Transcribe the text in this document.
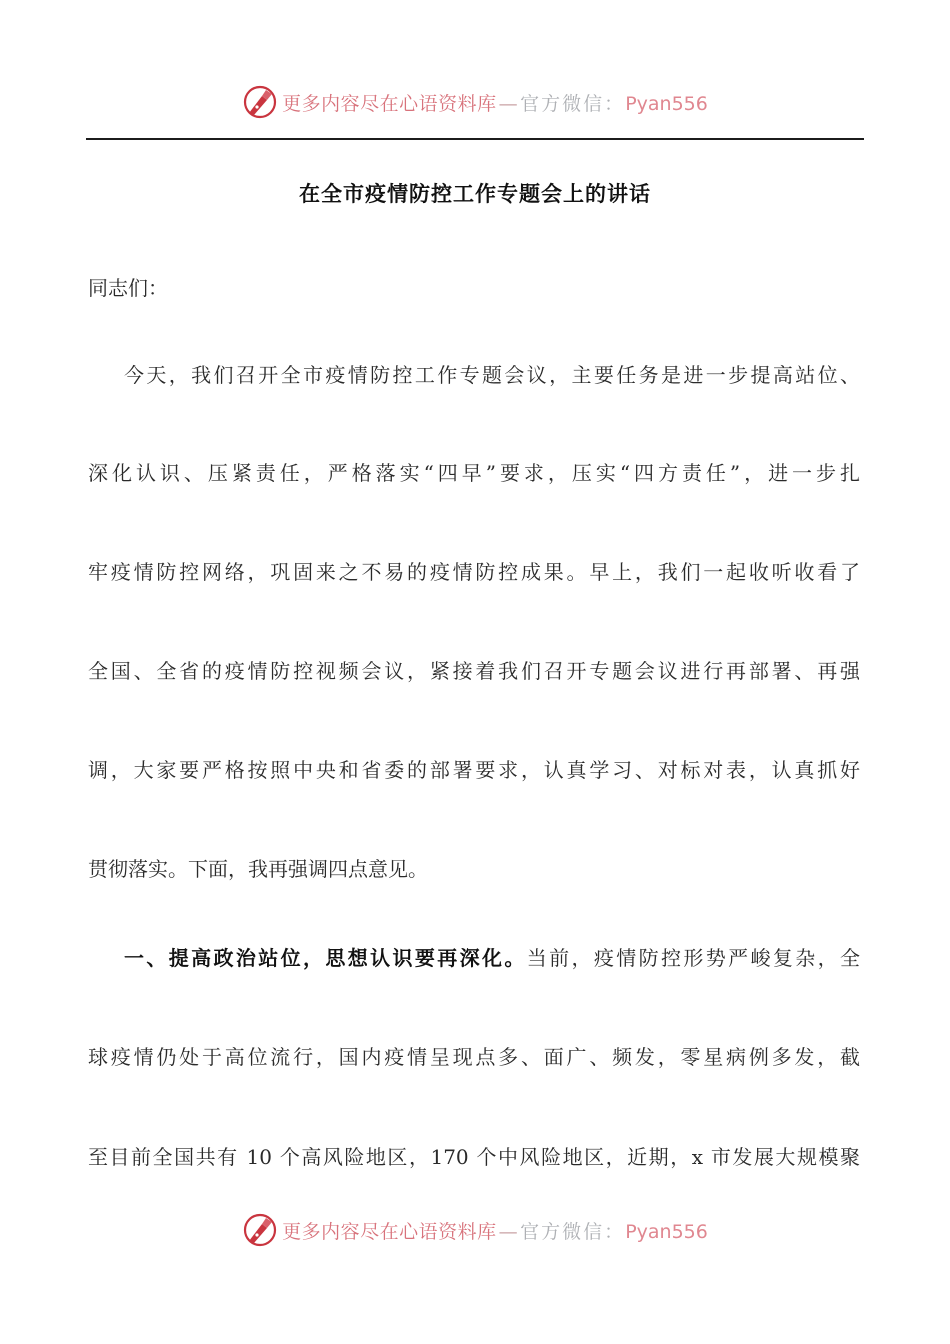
更多内容尽在心语资料库 — 官方微信：Pyan556
在全市疫情防控工作专题会上的讲话
同志们：
今天，我们召开全市疫情防控工作专题会议，主要任务是进一步提高站位、
深化认识、压紧责任，严格落实“四早”要求，压实“四方责任”，进一步扎
牢疫情防控网络，巩固来之不易的疫情防控成果。早上，我们一起收听收看了
全国、全省的疫情防控视频会议，紧接着我们召开专题会议进行再部署、再强
调，大家要严格按照中央和省委的部署要求，认真学习、对标对表，认真抓好
贯彻落实。下面，我再强调四点意见。
一、提高政治站位，思想认识要再深化。当前，疫情防控形势严峻复杂，全
球疫情仍处于高位流行，国内疫情呈现点多、面广、频发，零星病例多发，截
至目前全国共有 10 个高风险地区，170 个中风险地区，近期，x 市发展大规模聚
更多内容尽在心语资料库 — 官方微信：Pyan556
